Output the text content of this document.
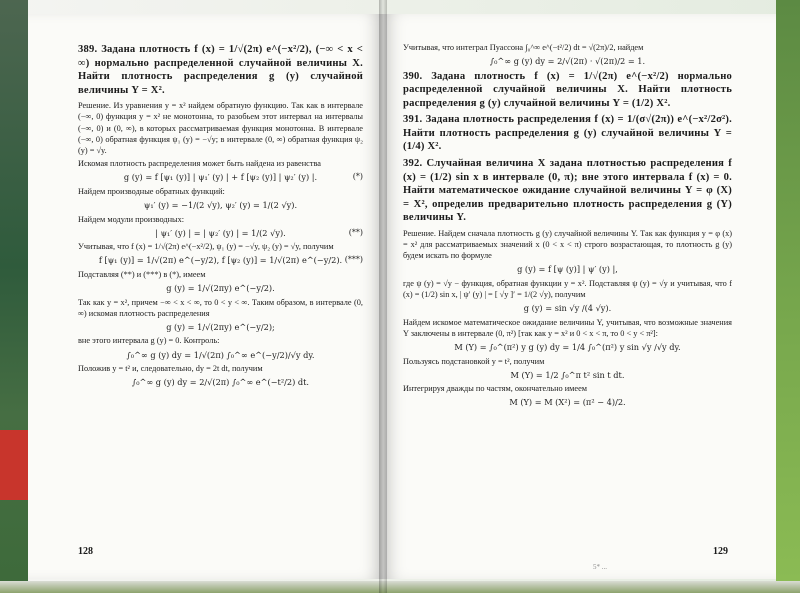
389. Задана плотность f (x) = 1/√(2π) e^(−x²/2), (−∞ < x < ∞) нормально распределенной случайной величины X. Найти плотность распределения g (y) случайной величины Y = X².

Решение. Из уравнения y = x² найдем обратную функцию. Так как в интервале (−∞, 0) функция y = x² не монотонна, то разобьем этот интервал на интервалы (−∞, 0) и (0, ∞), в которых рассматриваемая функция монотонна. В интервале (−∞, 0) обратная функция ψ₁ (y) = −√y; в интервале (0, ∞) обратная функция ψ₂ (y) = √y.

Искомая плотность распределения может быть найдена из равенства

g (y) = f [ψ₁ (y)] | ψ₁′ (y) | + f [ψ₂ (y)] | ψ₂′ (y) |.	(*)

Найдем производные обратных функций:

ψ₁′ (y) = −1/(2 √y), ψ₂′ (y) = 1/(2 √y).

Найдем модули производных:

| ψ₁′ (y) | = | ψ₂′ (y) | = 1/(2 √y).	(**)

Учитывая, что f (x) = 1/√(2π) e^(−x²/2), ψ₁ (y) = −√y, ψ₂ (y) = √y, получим

f [ψ₁ (y)] = 1/√(2π) e^(−y/2), f [ψ₂ (y)] = 1/√(2π) e^(−y/2). (***)

Подставляя (**) и (***) в (*), имеем

g (y) = 1/√(2πy) e^(−y/2).

Так как y = x², причем −∞ < x < ∞, то 0 < y < ∞. Таким образом, в интервале (0, ∞) искомая плотность распределения

g (y) = 1/√(2πy) e^(−y/2);

вне этого интервала g (y) = 0. Контроль:

∫₀^∞ g (y) dy = 1/√(2π) ∫₀^∞ e^(−y/2)/√y dy.

Положив y = t² и, следовательно, dy = 2t dt, получим

∫₀^∞ g (y) dy = 2/√(2π) ∫₀^∞ e^(−t²/2) dt.

128

Учитывая, что интеграл Пуассона ∫₀^∞ e^(−t²/2) dt = √(2π)/2, найдем

∫₀^∞ g (y) dy = 2/√(2π) · √(2π)/2 = 1.

390. Задана плотность f (x) = 1/√(2π) e^(−x²/2) нормально распределенной случайной величины X. Найти плотность распределения g (y) случайной величины Y = (1/2) X².

391. Задана плотность распределения f (x) = 1/(σ√(2π)) e^(−x²/2σ²). Найти плотность распределения g (y) случайной величины Y = (1/4) X².

392. Случайная величина X задана плотностью распределения f (x) = (1/2) sin x в интервале (0, π); вне этого интервала f (x) = 0. Найти математическое ожидание случайной величины Y = φ (X) = X², определив предварительно плотность распределения g (Y) величины Y.

Решение. Найдем сначала плотность g (y) случайной величины Y. Так как функция y = φ (x) = x² для рассматриваемых значений x (0 < x < π) строго возрастающая, то плотность g (y) будем искать по формуле

g (y) = f [ψ (y)] | ψ′ (y) |,

где ψ (y) = √y − функция, обратная функции y = x². Подставляя ψ (y) = √y и учитывая, что f (x) = (1/2) sin x, | ψ′ (y) | = [ √y ]′ = 1/(2 √y), получим

g (y) = sin √y /(4 √y).

Найдем искомое математическое ожидание величины Y, учитывая, что возможные значения Y заключены в интервале (0, π²) [так как y = x² и 0 < x < π, то 0 < y < π²]:

M (Y) = ∫₀^(π²) y g (y) dy = 1/4 ∫₀^(π²) y sin √y /√y dy.

Пользуясь подстановкой y = t², получим

M (Y) = 1/2 ∫₀^π t² sin t dt.

Интегрируя дважды по частям, окончательно имеем

M (Y) = M (X²) = (π² − 4)/2.

129
5* ...
